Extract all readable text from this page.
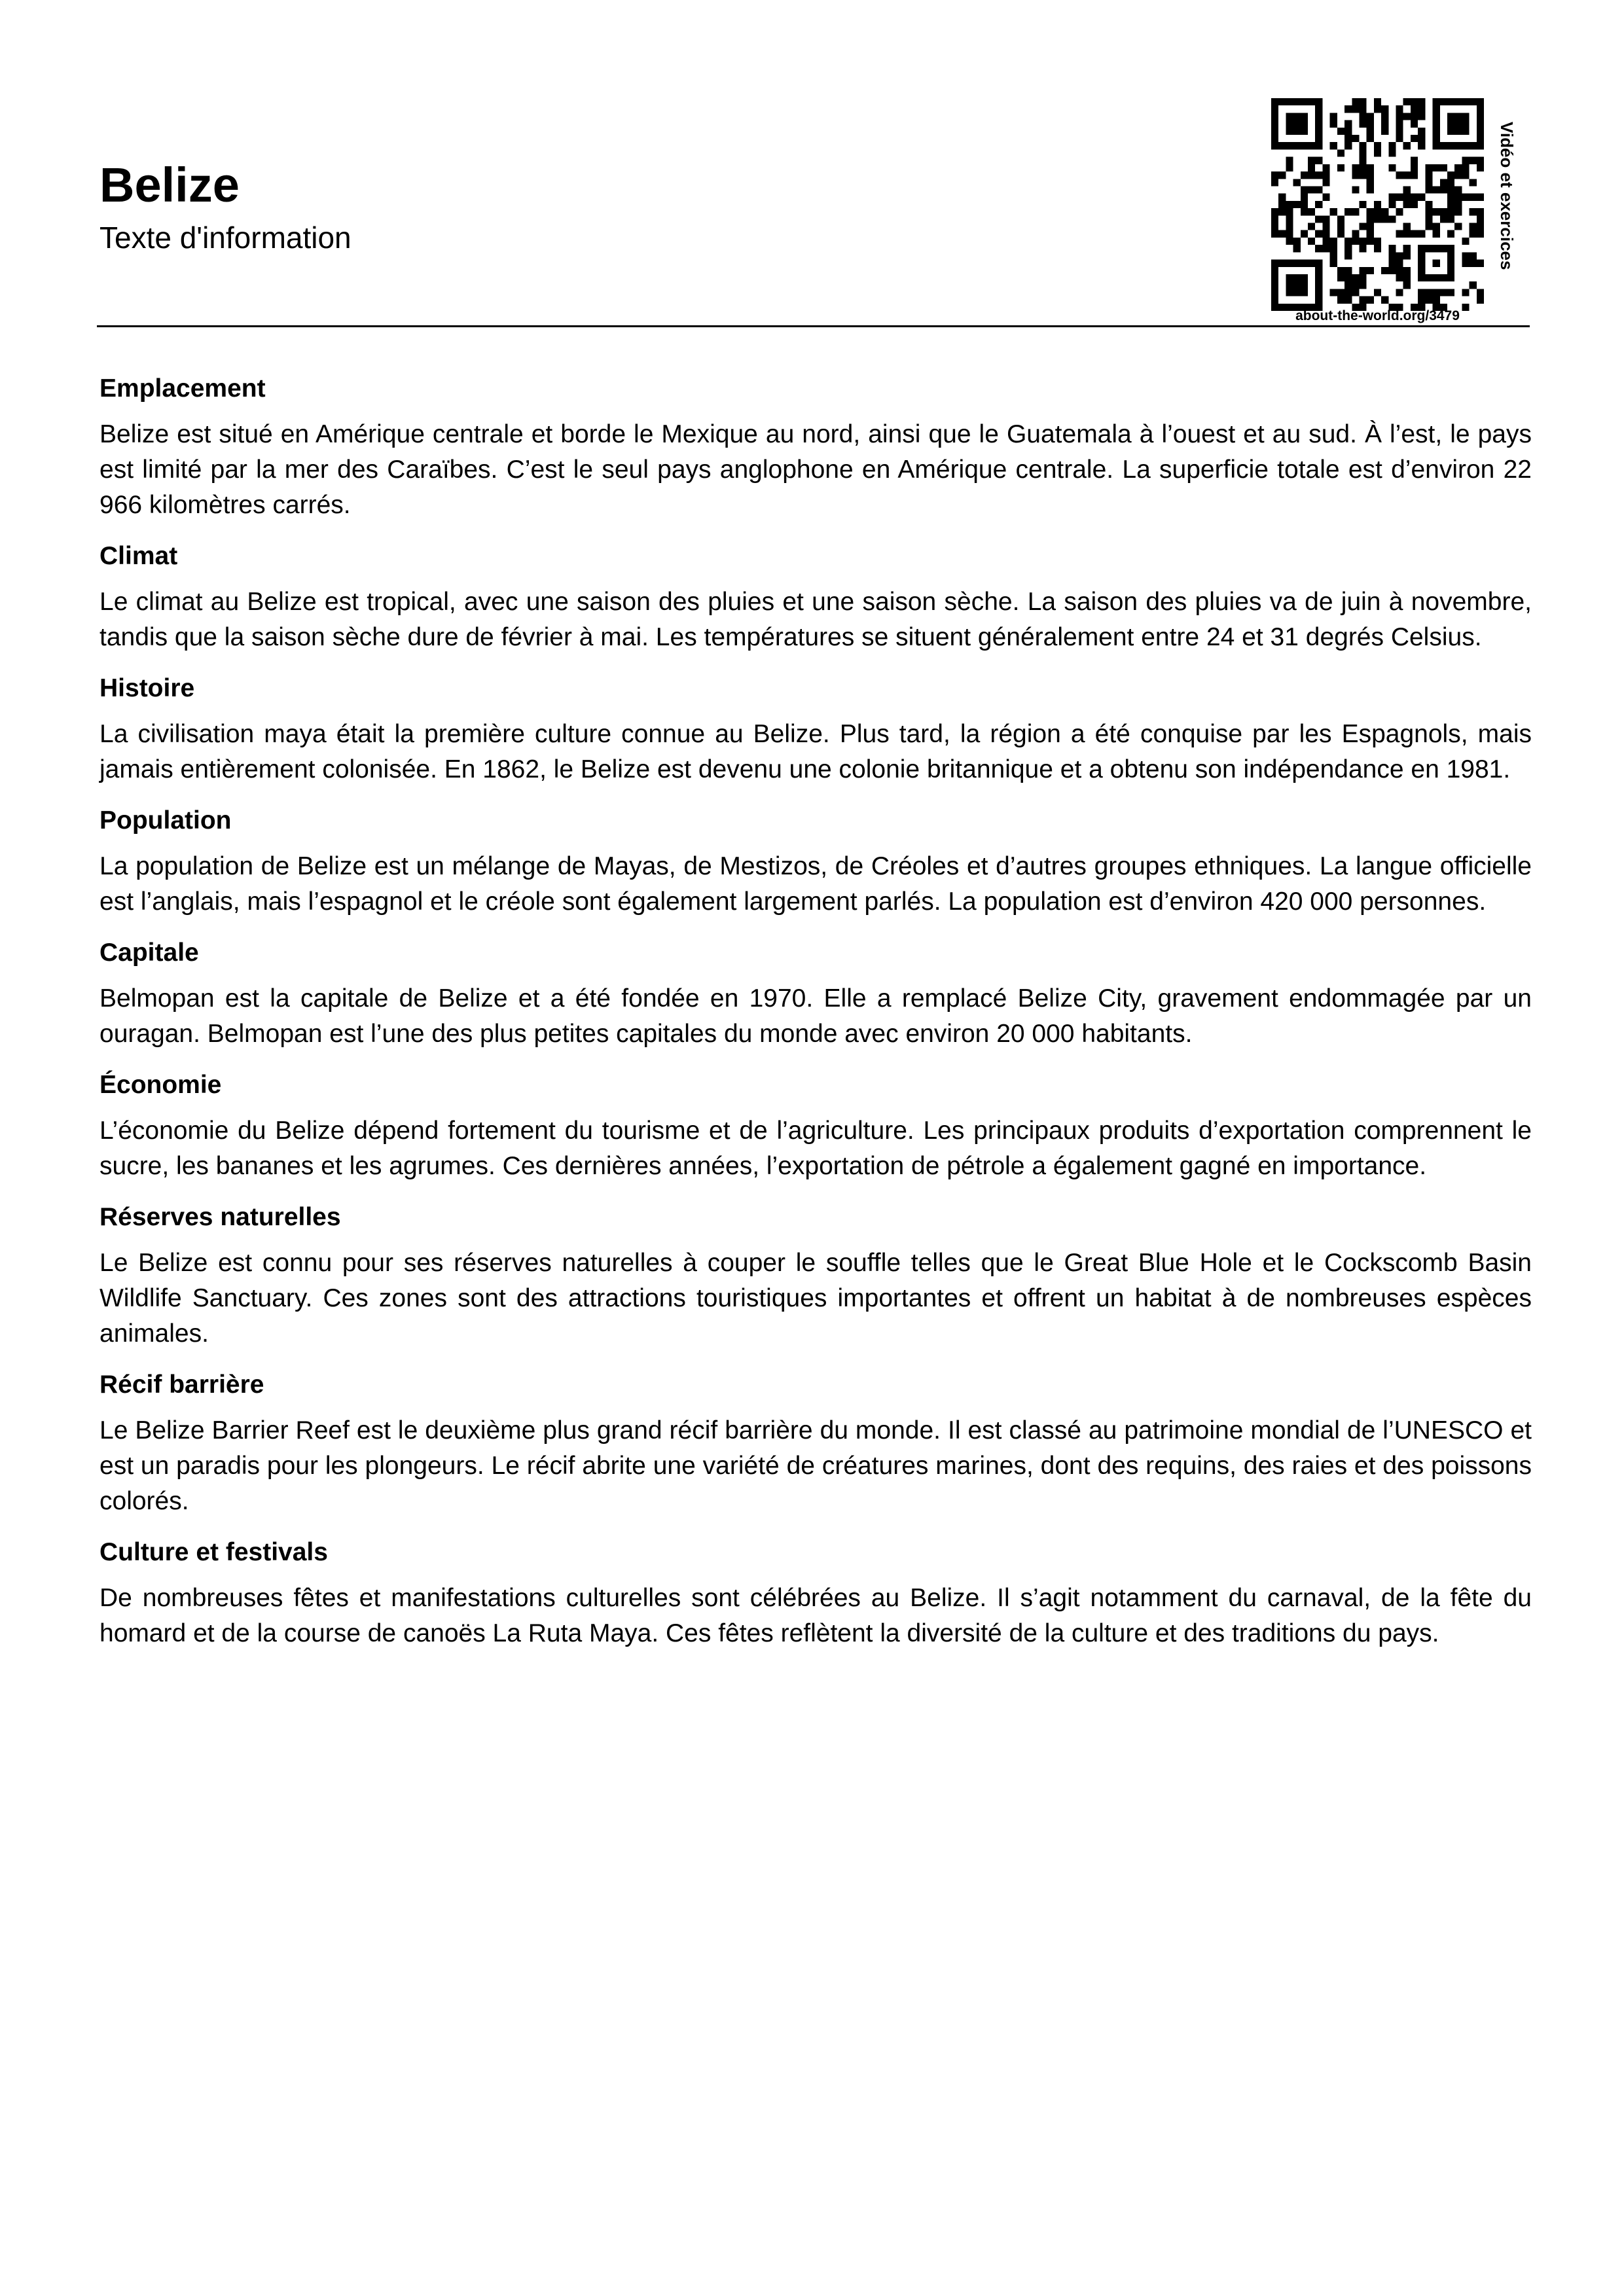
Belize
Texte d'information
about-the-world.org/3479
Vidéo et exercices
Emplacement

Belize est situé en Amérique centrale et borde le Mexique au nord, ainsi que le Guatemala à l’ouest et au sud. À l’est, le pays est limité par la mer des Caraïbes. C’est le seul pays anglophone en Amérique centrale. La superficie totale est d’environ 22 966 kilomètres carrés.

Climat

Le climat au Belize est tropical, avec une saison des pluies et une saison sèche. La saison des pluies va de juin à novembre, tandis que la saison sèche dure de février à mai. Les températures se situent généralement entre 24 et 31 degrés Celsius.

Histoire

La civilisation maya était la première culture connue au Belize. Plus tard, la région a été conquise par les Espagnols, mais jamais entièrement colonisée. En 1862, le Belize est devenu une colonie britannique et a obtenu son indépendance en 1981.

Population

La population de Belize est un mélange de Mayas, de Mestizos, de Créoles et d’autres groupes ethniques. La langue officielle est l’anglais, mais l’espagnol et le créole sont également largement parlés. La population est d’environ 420 000 personnes.

Capitale

Belmopan est la capitale de Belize et a été fondée en 1970. Elle a remplacé Belize City, gravement endommagée par un ouragan. Belmopan est l’une des plus petites capitales du monde avec environ 20 000 habitants.

Économie

L’économie du Belize dépend fortement du tourisme et de l’agriculture. Les principaux produits d’exportation comprennent le sucre, les bananes et les agrumes. Ces dernières années, l’exportation de pétrole a également gagné en importance.

Réserves naturelles

Le Belize est connu pour ses réserves naturelles à couper le souffle telles que le Great Blue Hole et le Cockscomb Basin Wildlife Sanctuary. Ces zones sont des attractions touristiques importantes et offrent un habitat à de nombreuses espèces animales.

Récif barrière

Le Belize Barrier Reef est le deuxième plus grand récif barrière du monde. Il est classé au patrimoine mondial de l’UNESCO et est un paradis pour les plongeurs. Le récif abrite une variété de créatures marines, dont des requins, des raies et des poissons colorés.

Culture et festivals

De nombreuses fêtes et manifestations culturelles sont célébrées au Belize. Il s’agit notamment du carnaval, de la fête du homard et de la course de canoës La Ruta Maya. Ces fêtes reflètent la diversité de la culture et des traditions du pays.
